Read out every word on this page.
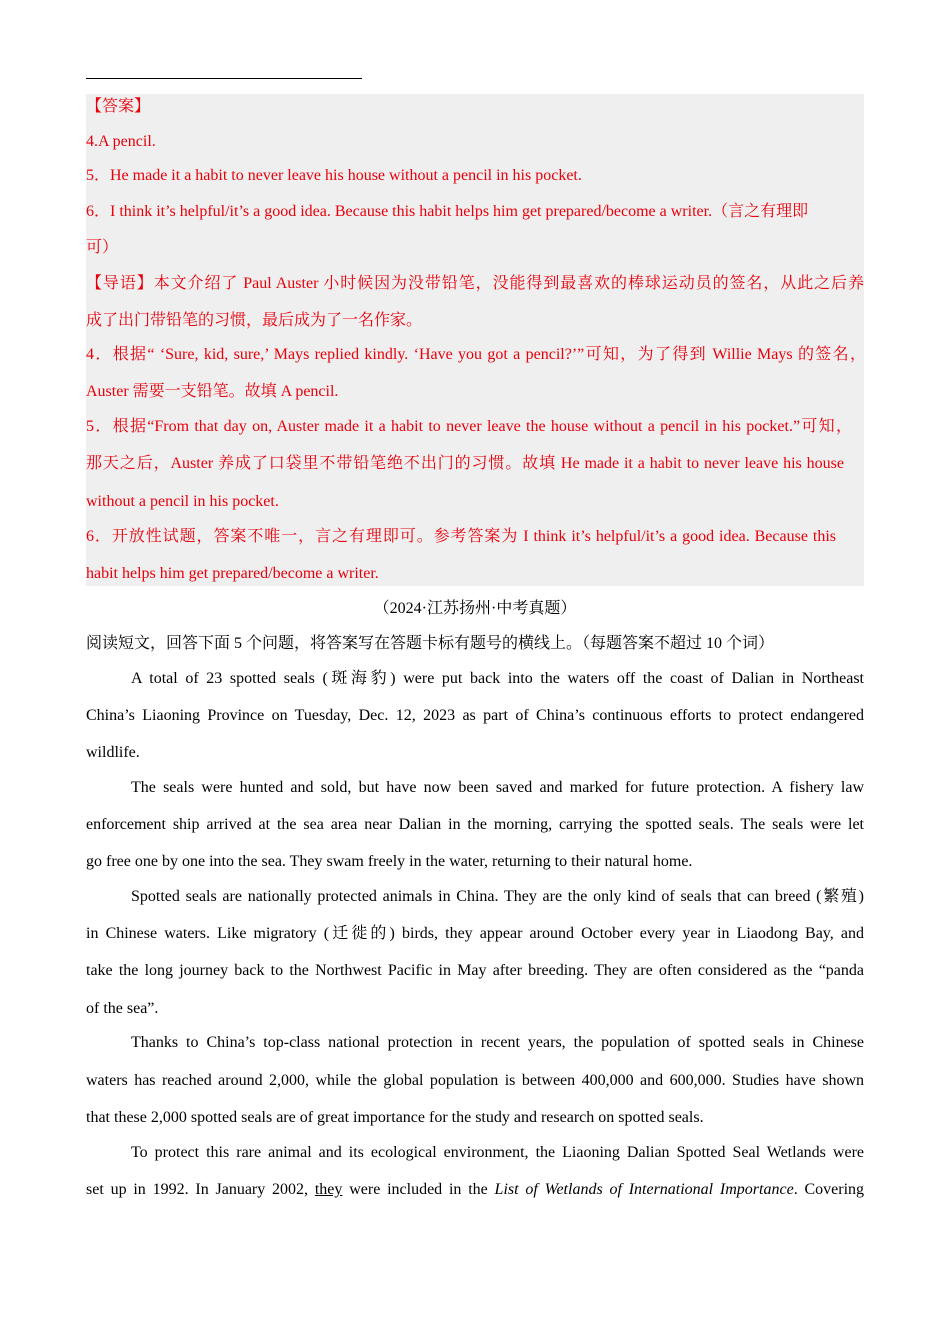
【答案】
4.A pencil.
5．He made it a habit to never leave his house without a pencil in his pocket.
6．I think it’s helpful/it’s a good idea. Because this habit helps him get prepared/become a writer.（言之有理即
可）
【导语】本文介绍了 Paul Auster 小时候因为没带铅笔，没能得到最喜欢的棒球运动员的签名，从此之后养
成了出门带铅笔的习惯，最后成为了一名作家。
4．根据“ ‘Sure, kid, sure,’ Mays replied kindly. ‘Have you got a pencil?’”可知，为了得到 Willie Mays 的签名，
Auster 需要一支铅笔。故填 A pencil.
5．根据“From that day on, Auster made it a habit to never leave the house without a pencil in his pocket.”可知，
那天之后，Auster 养成了口袋里不带铅笔绝不出门的习惯。故填 He made it a habit to never leave his house
without a pencil in his pocket.
6．开放性试题，答案不唯一，言之有理即可。参考答案为 I think it’s helpful/it’s a good idea. Because this
habit helps him get prepared/become a writer.
（2024·江苏扬州·中考真题）
阅读短文，回答下面 5 个问题，将答案写在答题卡标有题号的横线上。（每题答案不超过 10 个词）
A total of 23 spotted seals (斑海豹) were put back into the waters off the coast of Dalian in Northeast
China’s Liaoning Province on Tuesday, Dec. 12, 2023 as part of China’s continuous efforts to protect endangered
wildlife.
The seals were hunted and sold, but have now been saved and marked for future protection. A fishery law
enforcement ship arrived at the sea area near Dalian in the morning, carrying the spotted seals. The seals were let
go free one by one into the sea. They swam freely in the water, returning to their natural home.
Spotted seals are nationally protected animals in China. They are the only kind of seals that can breed (繁殖)
in Chinese waters. Like migratory (迁徙的) birds, they appear around October every year in Liaodong Bay, and
take the long journey back to the Northwest Pacific in May after breeding. They are often considered as the “panda
of the sea”.
Thanks to China’s top-class national protection in recent years, the population of spotted seals in Chinese
waters has reached around 2,000, while the global population is between 400,000 and 600,000. Studies have shown
that these 2,000 spotted seals are of great importance for the study and research on spotted seals.
To protect this rare animal and its ecological environment, the Liaoning Dalian Spotted Seal Wetlands were
set up in 1992. In January 2002, they were included in the List of Wetlands of International Importance. Covering
